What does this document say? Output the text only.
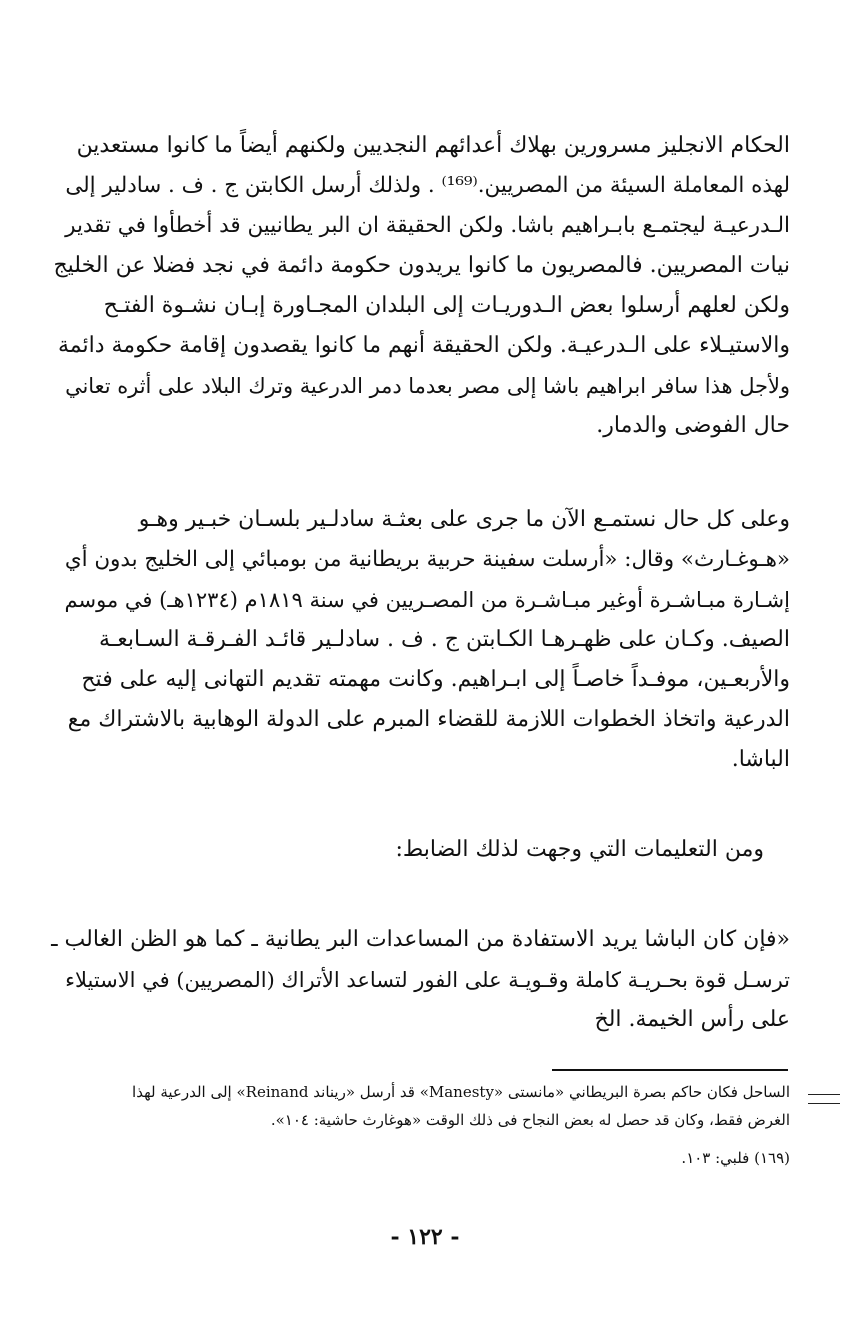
الحكام الانجليز مسرورين بهلاك أعدائهم النجديين ولكنهم أيضاً ما كانوا مستعدين
لهذه المعاملة السيئة من المصريين.⁽¹⁶⁹⁾ . ولذلك أرسل الكابتن ج . ف . سادلير إلى
الـدرعيـة ليجتمـع بابـراهيم باشا. ولكن الحقيقة ان البر يطانيين قد أخطأوا في تقدير
نيات المصريين. فالمصريون ما كانوا يريدون حكومة دائمة في نجد فضلا عن الخليج
ولكن لعلهم أرسلوا بعض الـدوريـات إلى البلدان المجـاورة إبـان نشـوة الفتـح
والاستيـلاء على الـدرعيـة. ولكن الحقيقة أنهم ما كانوا يقصدون إقامة حكومة دائمة
ولأجل هذا سافر ابراهيم باشا إلى مصر بعدما دمر الدرعية وترك البلاد على أثره تعاني
حال الفوضى والدمار.
وعلى كل حال نستمـع الآن ما جرى على بعثـة سادلـير بلسـان خبـير وهـو
«هـوغـارث» وقال: «أرسلت سفينة حربية بريطانية من بومبائي إلى الخليج بدون أي
إشـارة مبـاشـرة أوغير مبـاشـرة من المصـريين في سنة ١٨١٩م (١٢٣٤هـ) في موسم
الصيف. وكـان على ظهـرهـا الكـابتن ج . ف . سادلـير قائـد الفـرقـة السـابعـة
والأربعـين، موفـداً خاصـاً إلى ابـراهيم. وكانت مهمته تقديم التهانى إليه على فتح
الدرعية واتخاذ الخطوات اللازمة للقضاء المبرم على الدولة الوهابية بالاشتراك مع
الباشا.
ومن التعليمات التي وجهت لذلك الضابط:
«فإن كان الباشا يريد الاستفادة من المساعدات البر يطانية ـ كما هو الظن الغالب ـ
ترسـل قوة بحـريـة كاملة وقـويـة على الفور لتساعد الأتراك (المصريين) في الاستيلاء
على رأس الخيمة. الخ
الساحل فكان حاكم بصرة البريطاني «مانستى «Manesty» قد أرسل «ريناند Reinand» إلى الدرعية لهذا
الغرض فقط، وكان قد حصل له بعض النجاح فى ذلك الوقت «هوغارث حاشية: ١٠٤».
(١٦٩) فلبي: ١٠٣.
- ١٢٢ -
